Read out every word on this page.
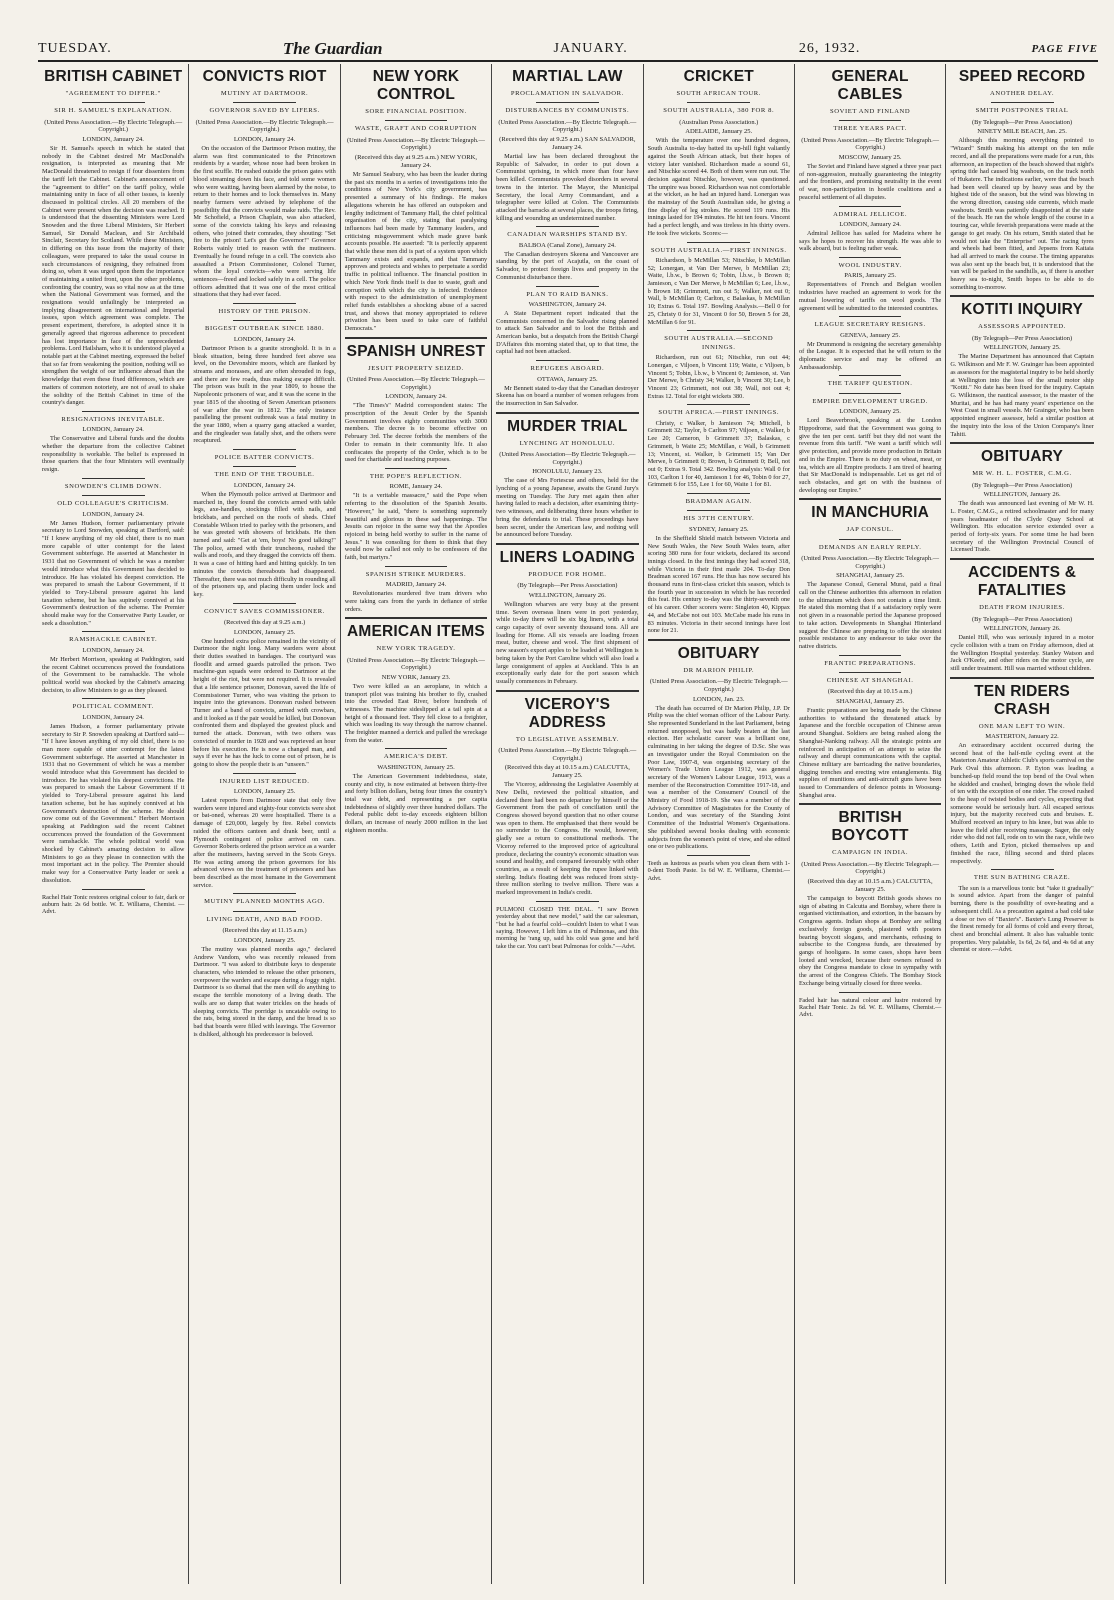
TUESDAY.	The Guardian	JANUARY.	26, 1932.	PAGE FIVE
BRITISH CABINET
"AGREEMENT TO DIFFER."
SIR H. SAMUEL'S EXPLANATION.
(United Press Association.—By Electric Telegraph.—Copyright.)
LONDON, January 24.

Sir H. Samuel's speech in which he stated that nobody in the Cabinet desired Mr MacDonald's resignation, is interpreted as meaning that Mr MacDonald threatened to resign if four dissenters from the tariff left the Cabinet. Cabinet's announcement of the "agreement to differ" on the tariff policy, while maintaining unity in face of all other issues, is keenly discussed in political circles. All 20 members of the Cabinet were present when the decision was reached. It is understood that the dissenting Ministers were Lord Snowden and the three Liberal Ministers, Sir Herbert Samuel, Sir Donald Maclean, and Sir Archibald Sinclair, Secretary for Scotland. While these Ministers, in differing on this issue from the majority of their colleagues, were prepared to take the usual course in such circumstances of resigning, they refrained from doing so, when it was urged upon them the importance of maintaining a united front, upon the other problems, confronting the country, was so vital now as at the time when the National Government was formed, and the resignations would unfailingly be interpreted as implying disagreement on international and Imperial issues, upon which agreement was complete. The present experiment, therefore, is adopted since it is generally agreed that rigorous adherence to precedent has lost importance in face of the unprecedented problems. Lord Hailsham, who it is understood played a notable part at the Cabinet meeting, expressed the belief that so far from weakening the position, nothing will so strengthen the weight of our influence abroad than the knowledge that even these fixed differences, which are matters of common notoriety, are not of avail to shake the solidity of the British Cabinet in time of the country's danger.

RESIGNATIONS INEVITABLE.
LONDON, January 24.

The Conservative and Liberal funds and the doubts whether the departure from the collective Cabinet responsibility is workable. The belief is expressed in those quarters that the four Ministers will eventually resign.

SNOWDEN'S CLIMB DOWN.
OLD COLLEAGUE'S CRITICISM.
LONDON, January 24.

Mr James Hudson, former parliamentary private secretary to Lord Snowden, speaking at Dartford, said: "If I knew anything of my old chief, there is no man more capable of utter contempt for the latest Government subterfuge. He asserted at Manchester in 1931 that no Government of which he was a member would introduce what this Government has decided to introduce. He has violated his deepest conviction. He was prepared to smash the Labour Government, if it yielded to Tory-Liberal pressure against his land taxation scheme, but he has supinely connived at his Government's destruction of the scheme. The Premier should make way for the Conservative Party Leader, or seek a dissolution."

RAMSHACKLE CABINET.
LONDON, January 24.

Mr Herbert Morrison, speaking at Paddington, said the recent Cabinet occurrences proved the foundations of the Government to be ramshackle. The whole political world was shocked by the Cabinet's amazing decision, to allow Ministers to go as they pleased.

POLITICAL COMMENT.
LONDON, January 24.

James Hudson, a former parliamentary private secretary to Sir P. Snowden speaking at Dartford said— "If I have known anything of my old chief, there is no man more capable of utter contempt for the latest Government subterfuge. He asserted at Manchester in 1931 that no Government of which he was a member would introduce what this Government has decided to introduce. He has violated his deepest convictions. He was prepared to smash the Labour Government if it yielded to Tory-Liberal pressure against his land taxation scheme, but he has supinely connived at his Government's destruction of the scheme. He should now come out of the Government." Herbert Morrison speaking at Paddington said the recent Cabinet occurrences proved the foundation of the Government were ramshackle. The whole political world was shocked by Cabinet's amazing decision to allow Ministers to go as they please in connection with the most important act in the policy. The Premier should make way for a Conservative Party leader or seek a dissolution.

Rachel Hair Tonic restores original colour to fair, dark or auburn hair. 2s 6d bottle. W. E. Williams, Chemist. —Advt.
CONVICTS RIOT
MUTINY AT DARTMOOR.
GOVERNOR SAVED BY LIFERS.
(United Press Association.—By Electric Telegraph.—Copyright.)
LONDON, January 24.

On the occasion of the Dartmoor Prison mutiny, the alarm was first communicated to the Princetown residents by a warder, whose nose had been broken in the first scuffle. He rushed outside the prison gates with blood streaming down his face, and told some women who were waiting, having been alarmed by the noise, to return to their homes and to lock themselves in. Many nearby farmers were advised by telephone of the possibility that the convicts would make raids. The Rev. Mr Schofield, a Prison Chaplain, was also attacked, some of the convicts taking his keys and releasing others, who joined their comrades, they shouting: "Set fire to the prison! Let's get the Governor!" Governor Roberts vainly tried to reason with the mutineers. Eventually he found refuge in a cell. The convicts also assaulted a Prison Commissioner, Colonel Turner, whom the loyal convicts—who were serving life sentences—freed and locked safely in a cell. The police officers admitted that it was one of the most critical situations that they had ever faced.

HISTORY OF THE PRISON.
BIGGEST OUTBREAK SINCE 1880.
LONDON, January 24.

Dartmoor Prison is a granite stronghold. It is in a bleak situation, being three hundred feet above sea level, on the Devonshire moors, which are flanked by streams and morasses, and are often shrouded in fogs, and there are few roads, thus making escape difficult. The prison was built in the year 1809, to house the Napoleonic prisoners of war, and it was the scene in the year 1815 of the shooting of Seven American prisoners of war after the war in 1812. The only instance paralleling the present outbreak was a fatal mutiny in the year 1880, when a quarry gang attacked a warder, and the ringleader was fatally shot, and the others were recaptured.

POLICE BATTER CONVICTS.
THE END OF THE TROUBLE.
LONDON, January 24.

When the Plymouth police arrived at Dartmoor and marched in, they found the convicts armed with table legs, axe-handles, stockings filled with nails, and brickbats, and perched on the roofs of sheds. Chief Constable Wilson tried to parley with the prisoners, and he was greeted with showers of brickbats. He then turned and said: "Get at 'em, boys! No good talking!" The police, armed with their truncheons, rushed the walls and roofs, and they dragged the convicts off them. It was a case of hitting hard and hitting quickly. In ten minutes the convicts thereabouts had disappeared. Thereafter, there was not much difficulty in rounding all of the prisoners up, and placing them under lock and key.

CONVICT SAVES COMMISSIONER.
(Received this day at 9.25 a.m.)
LONDON, January 25.

One hundred extra police remained in the vicinity of Dartmoor the night long. Many warders were about their duties swathed in bandages. The courtyard was floodlit and armed guards patrolled the prison. Two machine-gun squads were ordered to Dartmoor at the height of the riot, but were not required. It is revealed that a life sentence prisoner, Donovan, saved the life of Commissioner Turner, who was visiting the prison to inquire into the grievances. Donovan rushed between Turner and a band of convicts, armed with crowbars, and it looked as if the pair would be killed, but Donovan confronted them and displayed the greatest pluck and turned the attack. Donovan, with two others was convicted of murder in 1928 and was reprieved an hour before his execution. He is now a changed man, and says if ever he has the luck to come out of prison, he is going to show the people their is an "unseen."

INJURED LIST REDUCED.
LONDON, January 25.

Latest reports from Dartmoor state that only five warders were injured and eighty-four convicts were shot or bat-oned, whereas 20 were hospitalled. There is a damage of £20,000, largely by fire. Rebel convicts raided the officers canteen and drank beer, until a Plymouth contingent of police arrived on cars. Governor Roberts ordered the prison service as a warder after the mutineers, having served in the Scots Greys. He was acting among the prison governors for his advanced views on the treatment of prisoners and has been described as the most humane in the Government service.

MUTINY PLANNED MONTHS AGO.
LIVING DEATH, AND BAD FOOD.
(Received this day at 11.15 a.m.)
LONDON, January 25.

The mutiny was planned months ago," declared Andrew Vandom, who was recently released from Dartmoor. "I was asked to distribute keys to desperate characters, who intended to release the other prisoners, overpower the warders and escape during a foggy night. Dartmoor is so dismal that the men will do anything to escape the terrible monotony of a living death. The walls are so damp that water trickles on the heads of sleeping convicts. The porridge is uncatable owing to the rats, being stored in the damp, and the bread is so bad that boards were filled with leavings. The Governor is disliked, although his predecessor is beloved.

NEW YORK CONTROL
SORE FINANCIAL POSITION.
WASTE, GRAFT AND CORRUPTION
(United Press Association.—By Electric Telegraph.—Copyright.)
(Received this day at 9.25 a.m.) NEW YORK, January 24.

Mr Samuel Seabury, who has been the leader during the past six months in a series of investigations into the conditions of New York's city government, has presented a summary of his findings. He makes allegations wherein he has offered an outspoken and lengthy indictment of Tammany Hall, the chief political organisation of the city, stating that paralysing influences had been made by Tammany leaders, and criticising misgovernment which made grave bank accounts possible. He asserted: "It is perfectly apparent that while these men did is part of a system upon which Tammany exists and expands, and that Tammany approves and protects and wishes to perpetuate a sordid traffic in political influence. The financial position in which New York finds itself is due to waste, graft and corruption with which the city is infected. Evidence with respect to the administration of unemployment relief funds establishes a shocking abuse of a sacred trust, and shows that money appropriated to relieve privation has been used to take care of faithful Democrats."

SPANISH UNREST
JESUIT PROPERTY SEIZED.
(United Press Association.—By Electric Telegraph.—Copyright.)
LONDON, January 24.

"The Times's" Madrid correspondent states: The proscription of the Jesuit Order by the Spanish Government involves eighty communities with 3000 members. The decree is to become effective on February 3rd. The decree forbids the members of the Order to remain in their community life. It also confiscates the property of the Order, which is to be used for charitable and teaching purposes.

THE POPE'S REFLECTION.
ROME, January 24.

"It is a veritable massacre," said the Pope when referring to the dissolution of the Spanish Jesuits. "However," he said, "there is something supremely beautiful and glorious in these sad happenings. The Jesuits can rejoice in the same way that the Apostles rejoiced in being held worthy to suffer in the name of Jesus." It was consoling for them to think that they would now be called not only to be confessors of the faith, but martyrs."

SPANISH STRIKE MURDERS.
MADRID, January 24.

Revolutionaries murdered five tram drivers who were taking cars from the yards in defiance of strike orders.

AMERICAN ITEMS
NEW YORK TRAGEDY.
(United Press Association.—By Electric Telegraph.—Copyright.)
NEW YORK, January 23.

Two were killed as an aeroplane, in which a transport pilot was training his brother to fly, crashed into the crowded East River, before hundreds of witnesses. The machine sideslipped at a tail spin at a height of a thousand feet. They fell close to a freighter, which was loading its way through the narrow channel. The freighter manned a derrick and pulled the wreckage from the water.

AMERICA'S DEBT.
WASHINGTON, January 25.

The American Government indebtedness, state, county and city, is now estimated at between thirty-five and forty billion dollars, being four times the country's total war debt, and representing a per capita indebtedness of slightly over three hundred dollars. The Federal public debt to-day exceeds eighteen billion dollars, an increase of nearly 2000 million in the last eighteen months.

MARTIAL LAW
PROCLAMATION IN SALVADOR.
DISTURBANCES BY COMMUNISTS.
(United Press Association.—By Electric Telegraph.—Copyright.)
(Received this day at 9.25 a.m.) SAN SALVADOR, January 24.

Martial law has been declared throughout the Republic of Salvador, in order to put down a Communist uprising, in which more than four have been killed. Communists provoked disorders in several towns in the interior. The Mayor, the Municipal Secretary, the local Army Commandant, and a telegrapher were killed at Colon. The Communists attacked the barracks at several places, the troops firing, killing and wounding an undetermined number.

CANADIAN WARSHIPS STAND BY.
BALBOA (Canal Zone), January 24.

The Canadian destroyers Skeena and Vancouver are standing by the port of Acajutla, on the coast of Salvador, to protect foreign lives and property in the Communist disturbance there.

PLAN TO RAID BANKS.
WASHINGTON, January 24.

A State Department report indicated that the Communists concerned in the Salvador rising planned to attack San Salvador and to loot the British and American banks, but a despatch from the British Chargé D'Affaires this morning stated that, up to that time, the capital had not been attacked.

REFUGEES ABOARD.
OTTAWA, January 25.

Mr Bennett stated to-day that the Canadian destroyer Skeena has on board a number of women refugees from the insurrection in San Salvador.

MURDER TRIAL
LYNCHING AT HONOLULU.
(United Press Association—By Electric Telegraph.—Copyright.)
HONOLULU, January 23.

The case of Mrs Fortescue and others, held for the lynching of a young Japanese, awaits the Grand Jury's meeting on Tuesday. The Jury met again then after having failed to reach a decision, after examining thirty-two witnesses, and deliberating three hours whether to bring the defendants to trial. These proceedings have been secret, under the American law, and nothing will be announced before Tuesday.

LINERS LOADING
PRODUCE FOR HOME.
(By Telegraph—Per Press Association)
WELLINGTON, January 26.

Wellington wharves are very busy at the present time. Seven overseas liners were in port yesterday, while to-day there will be six big liners, with a total cargo capacity of over seventy thousand tons. All are loading for Home. All six vessels are loading frozen meat, butter, cheese and wool. The first shipment of new season's export apples to be loaded at Wellington is being taken by the Port Caroline which will also load a large consignment of apples at Auckland. This is an exceptionally early date for the port season which usually commences in February.

VICEROY'S ADDRESS
TO LEGISLATIVE ASSEMBLY.
(United Press Association.—By Electric Telegraph.—Copyright.)
(Received this day at 10.15 a.m.) CALCUTTA, January 25.

The Viceroy, addressing the Legislative Assembly at New Delhi, reviewed the political situation, and declared there had been no departure by himself or the Government from the path of conciliation until the Congress showed beyond question that no other course was open to them. He emphasised that there would be no surrender to the Congress. He would, however, gladly see a return to constitutional methods. The Viceroy referred to the improved price of agricultural produce, declaring the country's economic situation was sound and healthy, and compared favourably with other countries, as a result of keeping the rupee linked with sterling. India's floating debt was reduced from sixty-three million sterling to twelve million. There was a marked improvement in India's credit.

PULMONI CLOSED THE DEAL. "I saw Brown yesterday about that new model," said the car salesman, "but he had a fearful cold—couldn't listen to what I was saying. However, I left him a tin of Pulmonas, and this morning he 'rang up, said his cold was gone and he'd take the car. You can't beat Pulmonas for colds."—Advt.
CRICKET
SOUTH AFRICAN TOUR.
SOUTH AUSTRALIA, 380 FOR 8.
(Australian Press Association.)
ADELAIDE, January 25.

With the temperature over one hundred degrees, South Australia to-day batted its up-hill fight valiantly against the South African attack, but their hopes of victory later vanished. Richardson made a sound 61, and Nitschke scored 44. Both of them were run out. The decision against Nitschke, however, was questioned. The umpire was booed. Richardson was not comfortable at the wicket, as he had an injured hand. Lonergan was the mainstay of the South Australian side, he giving a fine display of leg strokes. He scored 119 runs. His innings lasted for 194 minutes. He hit ten fours. Vincent had a perfect length, and was tireless in his thirty overs. He took five wickets. Scores:—

SOUTH AUSTRALIA.—FIRST INNINGS.

Richardson, b McMillan 53; Nitschke, b McMillan 52; Lonergan, st Van Der Merwe, b McMillan 23; Waite, l.b.w., b Brown 6; Tobin, l.b.w., b Brown 8; Jamieson, c Van Der Merwe, b McMillan 6; Lee, l.b.w., b Brown 18; Grimmett, run out 5; Walker, not out 0; Wall, b McMillan 0; Carlton, c Balaskas, b McMillan 10; Extras 6. Total 197. Bowling Analysis.—Bell 0 for 25, Christy 0 for 31, Vincent 0 for 50, Brown 5 for 28, McMillan 6 for 91.

SOUTH AUSTRALIA.—SECOND INNINGS.

Richardson, run out 61; Nitschke, run out 44; Lonergan, c Viljoen, b Vincent 119; Waite, c Viljoen, b Vincent 5; Tobin, l.b.w., b Vincent 0; Jamieson, st. Van Der Merwe, b Christy 34; Walker, b Vincent 30; Lee, b Vincent 23; Grimmett, not out 38; Wall, not out 4; Extras 12. Total for eight wickets 380.

SOUTH AFRICA.—FIRST INNINGS.

Christy, c Walker, b Jamieson 74; Mitchell, b Grimmett 32; Taylor, b Carlton 97; Viljoen, c Walker, b Lee 20; Cameron, b Grimmett 37; Balaskas, c Grimmett, b Waite 25; McMillan, c Wall, b Grimmett 13; Vincent, st. Walker, b Grimmett 15; Van Der Merwe, b Grimmett 0; Brown, b Grimmett 0; Bell, not out 0; Extras 9. Total 342. Bowling analysis: Wall 0 for 103, Carlton 1 for 40, Jamieson 1 for 46, Tobin 0 for 27, Grimmett 6 for 155, Lee 1 for 60, Waite 1 for 81.

BRADMAN AGAIN.
HIS 37TH CENTURY.
SYDNEY, January 25.

In the Sheffield Shield match between Victoria and New South Wales, the New South Wales team, after scoring 380 runs for four wickets, declared its second innings closed. In the first innings they had scored 318, while Victoria in their first made 204. To-day Don Bradman scored 167 runs. He thus has now secured his thousand runs in first-class cricket this season, which is the fourth year in succession in which he has recorded this feat. His century to-day was the thirty-seventh one of his career. Other scorers were: Singleton 40, Kippax 44, and McCabe not out 103. McCabe made his runs in 83 minutes. Victoria in their second innings have lost none for 21.

OBITUARY
DR MARION PHILIP.
(United Press Association.—By Electric Telegraph.—Copyright.)
LONDON, Jan. 23.

The death has occurred of Dr Marion Philip, J.P. Dr Philip was the chief woman officer of the Labour Party. She represented Sunderland in the last Parliament, being returned unopposed, but was badly beaten at the last election. Her scholastic career was a brilliant one, culminating in her taking the degree of D.Sc. She was an investigator under the Royal Commission on the Poor Law, 1907-8, was organising secretary of the Women's Trade Union League 1912, was general secretary of the Women's Labour League, 1913, was a member of the Reconstruction Committee 1917-18, and was a member of the Consumers' Council of the Ministry of Food 1918-19. She was a member of the Advisory Committee of Magistrates for the County of London, and was secretary of the Standing Joint Committee of the Industrial Women's Organisations. She published several books dealing with economic subjects from the women's point of view, and she edited one or two publications.

Teeth as lustrous as pearls when you clean them with 1-0-dent Tooth Paste. 1s 6d W. E. Williams, Chemist.—Advt.
GENERAL CABLES
SOVIET AND FINLAND
THREE YEARS PACT.
(United Press Association.—By Electric Telegraph.—Copyright.)
MOSCOW, January 25.

The Soviet and Finland have signed a three year pact of non-aggression, mutually guaranteeing the integrity and the frontiers, and promising neutrality in the event of war, non-participation in hostile coalitions and a peaceful settlement of all disputes.

ADMIRAL JELLICOE.
LONDON, January 24.

Admiral Jellicoe has sailed for Madeira where he says he hopes to recover his strength. He was able to walk aboard, but is feeling rather weak.

WOOL INDUSTRY.
PARIS, January 25.

Representatives of French and Belgian woollen industries have reached an agreement to work for the mutual lowering of tariffs on wool goods. The agreement will be submitted to the interested countries.

LEAGUE SECRETARY RESIGNS.
GENEVA, January 25.

Mr Drummond is resigning the secretary generalship of the League. It is expected that he will return to the diplomatic service and may be offered an Ambassadorship.

THE TARIFF QUESTION.
EMPIRE DEVELOPMENT URGED.
LONDON, January 25.

Lord Beaverbrook, speaking at the London Hippodrome, said that the Government was going to give the ten per cent. tariff but they did not want the revenue from this tariff. "We want a tariff which will give protection, and provide more production in Britain and in the Empire. There is no duty on wheat, meat, or tea, which are all Empire products. I am tired of hearing that Sir MacDonald is indispensable. Let us get rid of such obstacles, and get on with the business of developing our Empire."

IN MANCHURIA
JAP CONSUL.
DEMANDS AN EARLY REPLY.
(United Press Association.—By Electric Telegraph.—Copyright.)
SHANGHAI, January 25.

The Japanese Consul, General Murai, paid a final call on the Chinese authorities this afternoon in relation to the ultimatum which does not contain a time limit. He stated this morning that if a satisfactory reply were not given in a reasonable period the Japanese proposed to take action. Developments in Shanghai Hinterland suggest the Chinese are preparing to offer the stoutest possible resistance to any endeavour to take over the native districts.

FRANTIC PREPARATIONS.
CHINESE AT SHANGHAI.
(Received this day at 10.15 a.m.)
SHANGHAI, January 25.

Frantic preparations are being made by the Chinese authorities to withstand the threatened attack by Japanese and the forcible occupation of Chinese areas around Shanghai. Soldiers are being rushed along the Shanghai-Nanking railway. All the strategic points are reinforced in anticipation of an attempt to seize the railway and disrupt communications with the capital. Chinese military are barricading the native boundaries, digging trenches and erecting wire entanglements. Big supplies of munitions and anti-aircraft guns have been issued to Commanders of defence points in Woosung-Shanghai area.

BRITISH BOYCOTT
CAMPAIGN IN INDIA.
(United Press Association.—By Electric Telegraph.—Copyright.)
(Received this day at 10.15 a.m.) CALCUTTA, January 25.

The campaign to boycott British goods shows no sign of abating in Calcutta and Bombay, where there is organised victimisation, and extortion, in the bazaars by Congress agents. Indian shops at Bombay are selling exclusively foreign goods, plastered with posters bearing boycott slogans, and merchants, refusing to subscribe to the Congress funds, are threatened by gangs of hooligans. In some cases, shops have been looted and wrecked, because their owners refused to obey the Congress mandate to close in sympathy with the arrest of the Congress Chiefs. The Bombay Stock Exchange being virtually closed for three weeks.

Faded hair has natural colour and lustre restored by Rachel Hair Tonic. 2s 6d. W. E. Williams, Chemist.—Advt.
SPEED RECORD
ANOTHER DELAY.
SMITH POSTPONES TRIAL
(By Telegraph—Per Press Association)
NINETY MILE BEACH, Jan. 25.

Although this morning everything pointed to "Wizard" Smith making his attempt on the ten mile record, and all the preparations were made for a run, this afternoon, an inspection of the beach showed that night's spring tide had caused big washouts, on the track north of Hukatere. The indications earlier, were that the beach had been well cleared up by heavy seas and by the highest tide of the season, but the wind was blowing in the wrong direction, causing side currents, which made washouts. Smith was patiently disappointed at the state of the beach. He ran the whole length of the course in a touring car, while feverish preparations were made at the garage to get ready. On his return, Smith stated that he would not take the "Enterprise" out. The racing tyres and wheels had been fitted, and Jepsens from Kaitaia had all arrived to mark the course. The timing apparatus was also sent up the beach but, it is understood that the van will be parked in the sandhills, as, if there is another heavy sea to-night, Smith hopes to be able to do something to-morrow.

KOTITI INQUIRY
ASSESSORS APPOINTED.
(By Telegraph—Per Press Association)
WELLINGTON, January 25.

The Marine Department has announced that Captain G. Wilkinson and Mr F. W. Grainger has been appointed as assessors for the magisterial inquiry to be held shortly at Wellington into the loss of the small motor ship "Kotiti." No date has been fixed for the inquiry. Captain G. Wilkinson, the nautical assessor, is the master of the Muritai, and he has had many years' experience on the West Coast in small vessels. Mr Grainger, who has been appointed engineer assessor, held a similar position at the inquiry into the loss of the Union Company's liner Tahiti.

OBITUARY
MR W. H. L. FOSTER, C.M.G.
(By Telegraph—Per Press Association)
WELLINGTON, January 26.

The death was announced last evening of Mr W. H. L. Foster, C.M.G., a retired schoolmaster and for many years headmaster of the Clyde Quay School at Wellington. His education service extended over a period of forty-six years. For some time he had been secretary of the Wellington Provincial Council of Licensed Trade.

ACCIDENTS & FATALITIES
DEATH FROM INJURIES.
(By Telegraph—Per Press Association)
WELLINGTON, January 26.

Daniel Hill, who was seriously injured in a motor cycle collision with a tram on Friday afternoon, died at the Wellington Hospital yesterday. Stanley Watson and Jack O'Keefe, and other riders on the motor cycle, are still under treatment. Hill was married without children.

TEN RIDERS CRASH
ONE MAN LEFT TO WIN.
MASTERTON, January 22.

An extraordinary accident occurred during the second heat of the half-mile cycling event at the Masterton Amateur Athletic Club's sports carnival on the Park Oval this afternoon. P. Eyton was leading a bunched-up field round the top bend of the Oval when he skidded and crashed, bringing down the whole field of ten with the exception of one rider. The crowd rushed to the heap of twisted bodies and cycles, expecting that someone would be seriously hurt. All escaped serious injury, but the majority received cuts and bruises. E. Mulford received an injury to his knee, but was able to leave the field after receiving massage. Sager, the only rider who did not fall, rode on to win the race, while two others, Leith and Eyton, picked themselves up and finished the race, filling second and third places respectively.

THE SUN BATHING CRAZE.

The sun is a marvellous tonic but "take it gradually" is sound advice. Apart from the danger of painful burning, there is the possibility of over-heating and a subsequent chill. As a precaution against a bad cold take a dose or two of "Baxter's". Baxter's Lung Preserver is the finest remedy for all forms of cold and every throat, chest and bronchial ailment. It also has valuable tonic properties. Very palatable, 1s 6d, 2s 6d, and 4s 6d at any chemist or store.—Advt.
